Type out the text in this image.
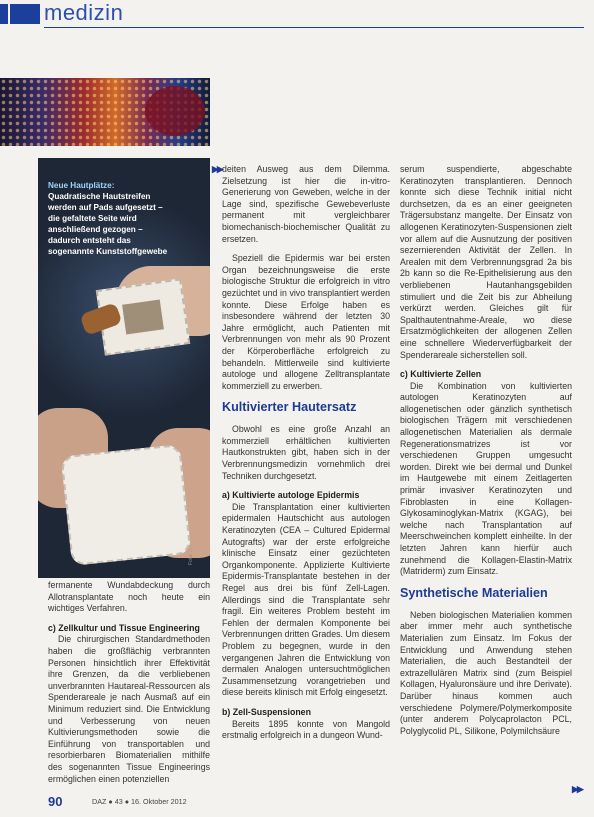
medizin
Neue Hautplätze: Quadratische Hautstreifen werden auf Pads aufgesetzt – die gefaltete Seite wird anschließend gezogen – dadurch entsteht das sogenannte Kunststoffgewebe
Foto: ...

fermanente Wundabdeckung durch Allotransplantate noch heute ein wichtiges Verfahren.

c) Zellkultur und Tissue Engineering

Die chirurgischen Standardmethoden haben die großflächig verbrannten Personen hinsichtlich ihrer Effektivität ihre Grenzen, da die verbliebenen unverbrannten Hautareal-Ressourcen als Spenderareale je nach Ausmaß auf ein Minimum reduziert sind. Die Entwicklung und Verbesserung von neuen Kultivierungsmethoden sowie die Einführung von transportablen und resorbierbaren Biomaterialien mithilfe des sogenannten Tissue Engineerings ermöglichen einen potenziellen

▶▶ deiten Ausweg aus dem Dilemma. Zielsetzung ist hier die in-vitro-Generierung von Geweben, welche in der Lage sind, spezifische Gewebeverluste permanent mit vergleichbarer biomechanisch-biochemischer Qualität zu ersetzen.

Speziell die Epidermis war bei ersten Organ bezeichnungsweise die erste biologische Struktur die erfolgreich in vitro gezüchtet und in vivo transplantiert werden konnte. Diese Erfolge haben es insbesondere während der letzten 30 Jahre ermöglicht, auch Patienten mit Verbrennungen von mehr als 90 Prozent der Körperoberfläche erfolgreich zu behandeln. Mittlerweile sind kultivierte autologe und allogene Zelltransplantate kommerziell zu erwerben.

Kultivierter Hautersatz

Obwohl es eine große Anzahl an kommerziell erhältlichen kultivierten Hautkonstrukten gibt, haben sich in der Verbrennungsmedizin vornehmlich drei Techniken durchgesetzt.

a) Kultivierte autologe Epidermis

Die Transplantation einer kultivierten epidermalen Hautschicht aus autologen Keratinozyten (CEA – Cultured Epidermal Autografts) war der erste erfolgreiche klinische Einsatz einer gezüchteten Organkomponente. Applizierte Kultivierte Epidermis-Transplantate bestehen in der Regel aus drei bis fünf Zell-Lagen. Allerdings sind die Transplantate sehr fragil. Ein weiteres Problem besteht im Fehlen der dermalen Komponente bei Verbrennungen dritten Grades. Um diesem Problem zu begegnen, wurde in den vergangenen Jahren die Entwicklung von dermalen Analogen untersuchtmöglichen Zusammensetzung vorangetrieben und diese bereits klinisch mit Erfolg eingesetzt.

b) Zell-Suspensionen

Bereits 1895 konnte von Mangold erstmalig erfolgreich in a dungeon Wund-

serum suspendierte, abgeschabte Keratinozyten transplantieren. Dennoch konnte sich diese Technik initial nicht durchsetzen, da es an einer geeigneten Trägersubstanz mangelte. Der Einsatz von allogenen Keratinozyten-Suspensionen zielt vor allem auf die Ausnutzung der positiven sezernierenden Aktivität der Zellen. In Arealen mit dem Verbrennungsgrad 2a bis 2b kann so die Re-Epithelisierung aus den verbliebenen Hautanhangsgebilden stimuliert und die Zeit bis zur Abheilung verkürzt werden. Gleiches gilt für Spalthautentnahme-Areale, wo diese Ersatzmöglichkeiten der allogenen Zellen eine schnellere Wiederverfügbarkeit der Spenderareale sicherstellen soll.

c) Kultivierte Zellen

Die Kombination von kultivierten autologen Keratinozyten auf allogenetischen oder gänzlich synthetisch biologischen Trägern mit verschiedenen allogenetischen Materialien als dermale Regenerationsmatrizes ist vor verschiedenen Gruppen umgesucht worden. Direkt wie bei dermal und Dunkel im Hautgewebe mit einem Zeitlagerten primär invasiver Keratinozyten und Fibroblasten in eine Kollagen-Glykosaminoglykan-Matrix (KGAG), bei welche nach Transplantation auf Meerschweinchen komplett einheilte. In der letzten Jahren kann hierfür auch zunehmend die Kollagen-Elastin-Matrix (Matriderm) zum Einsatz.

Synthetische Materialien

Neben biologischen Materialien kommen aber immer mehr auch synthetische Materialien zum Einsatz. Im Fokus der Entwicklung und Anwendung stehen Materialien, die auch Bestandteil der extrazellulären Matrix sind (zum Beispiel Kollagen, Hyaluronsäure und ihre Derivate). Darüber hinaus kommen auch verschiedene Polymere/Polymerkomposite (unter anderem Polycaprolacton PCL, Polyglycolid PL, Silikone, Polymilchsäure

▶▶
90	DAZ ● 43 ● 16. Oktober 2012
